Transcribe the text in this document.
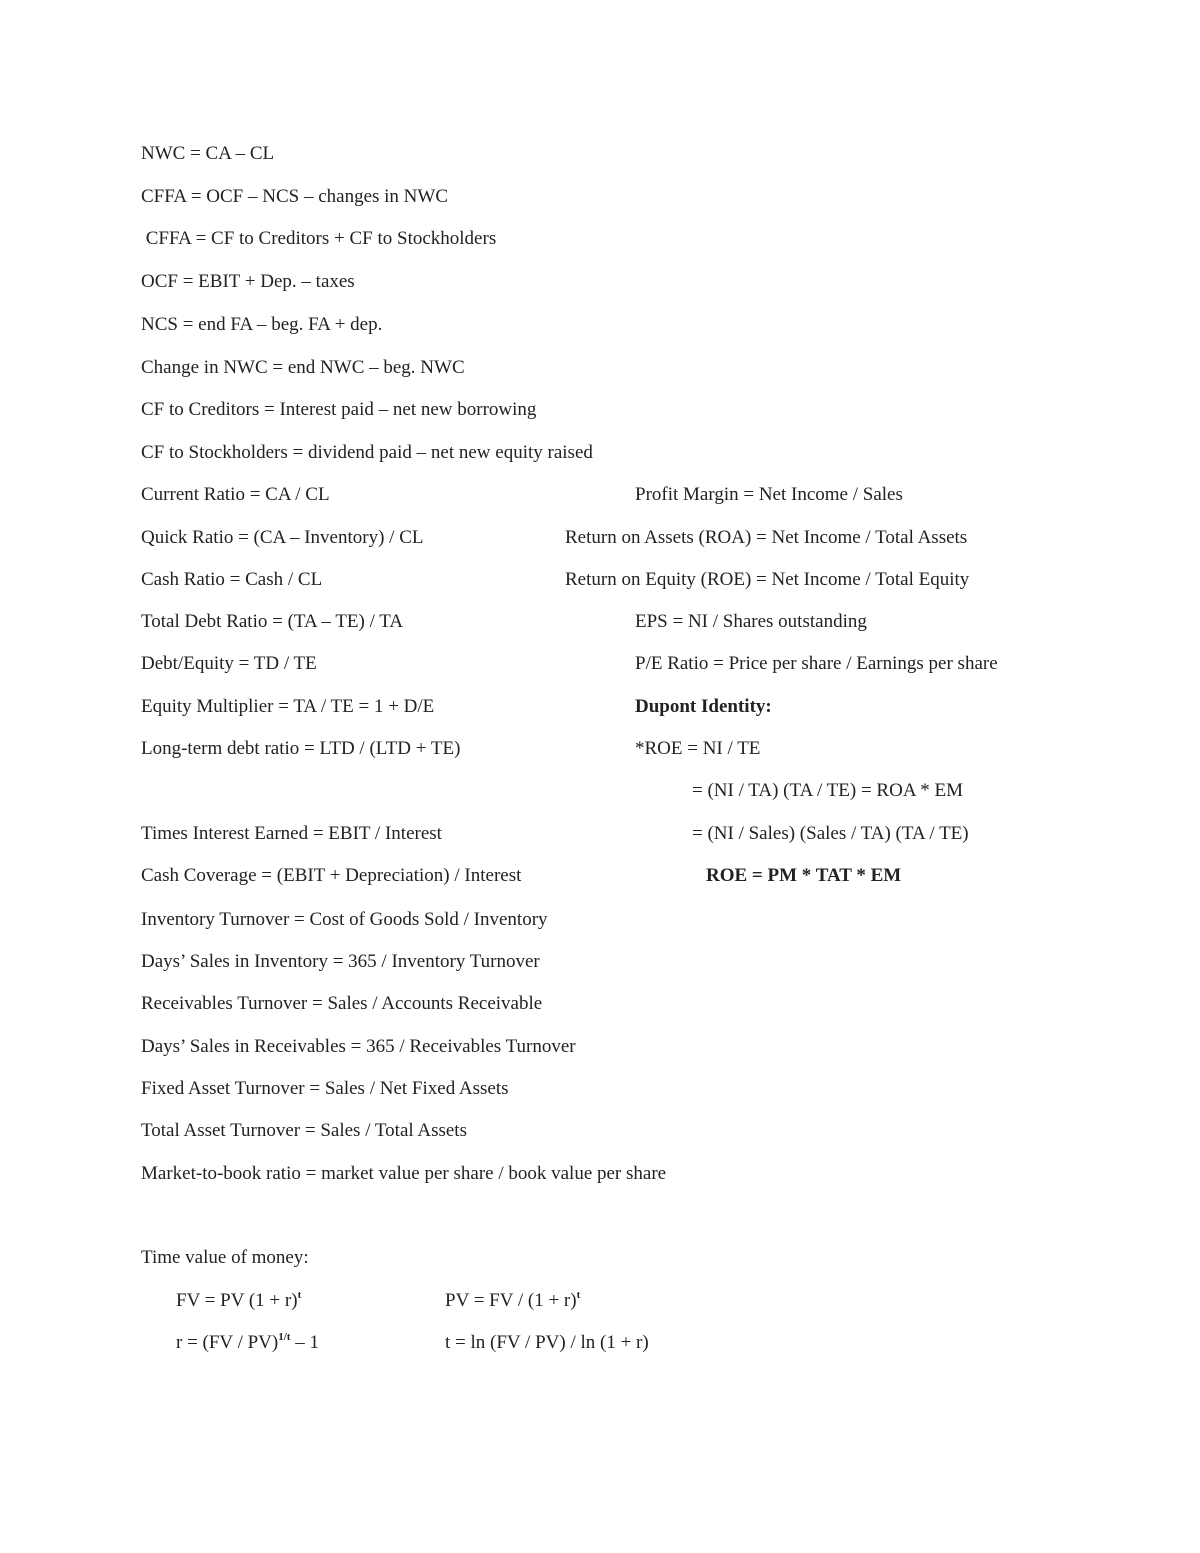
NWC = CA – CL
CFFA = OCF – NCS – changes in NWC
CFFA = CF to Creditors + CF to Stockholders
OCF = EBIT + Dep. – taxes
NCS = end FA – beg. FA + dep.
Change in NWC = end NWC – beg. NWC
CF to Creditors = Interest paid – net new borrowing
CF to Stockholders = dividend paid – net new equity raised
Current Ratio = CA / CL
Quick Ratio = (CA – Inventory) / CL
Cash Ratio = Cash / CL
Total Debt Ratio = (TA – TE) / TA
Debt/Equity = TD / TE
Equity Multiplier = TA / TE = 1 + D/E
Long-term debt ratio = LTD / (LTD + TE)
Times Interest Earned = EBIT / Interest
Cash Coverage = (EBIT + Depreciation) / Interest
Inventory Turnover = Cost of Goods Sold / Inventory
Days’ Sales in Inventory = 365 / Inventory Turnover
Receivables Turnover = Sales / Accounts Receivable
Days’ Sales in Receivables = 365 / Receivables Turnover
Fixed Asset Turnover = Sales / Net Fixed Assets
Total Asset Turnover = Sales / Total Assets
Market-to-book ratio = market value per share / book value per share
Profit Margin = Net Income / Sales
Return on Assets (ROA) = Net Income / Total Assets
Return on Equity (ROE) = Net Income / Total Equity
EPS = NI / Shares outstanding
P/E Ratio = Price per share / Earnings per share
Dupont Identity:
*ROE = NI / TE
= (NI / TA) (TA / TE) = ROA * EM
= (NI / Sales) (Sales / TA) (TA / TE)
ROE = PM * TAT * EM
Time value of money:
FV = PV $(1 + r)^t$	PV = FV / $(1 + r)^t$
r = (FV / PV)$^{1/t}$ – 1	t = ln (FV / PV) / ln (1 + r)
